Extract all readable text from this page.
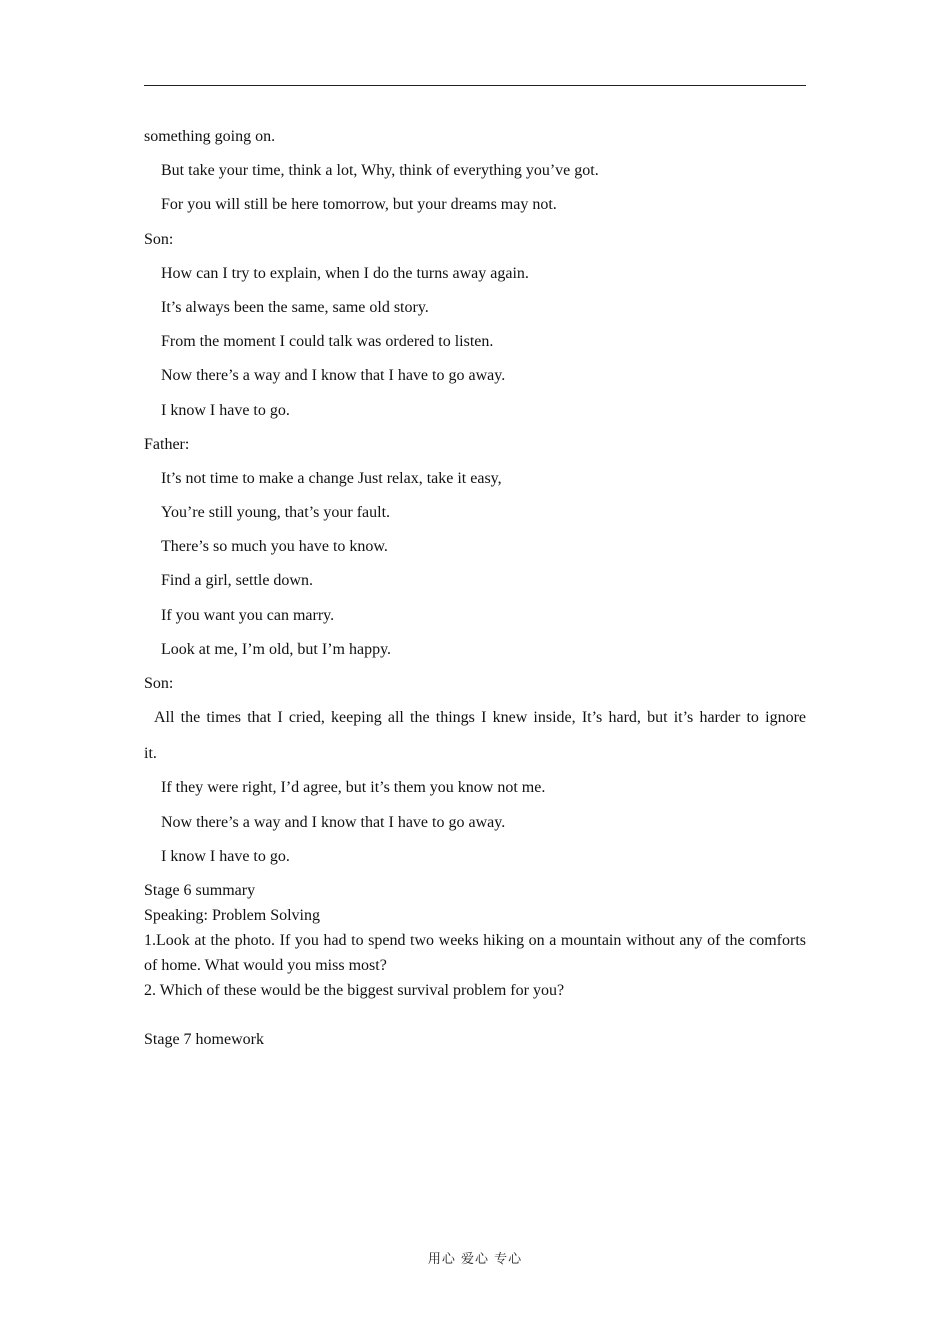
something going on.
But take your time, think a lot, Why, think of everything you’ve got.
For you will still be here tomorrow, but your dreams may not.
Son:
How can I try to explain, when I do the turns away again.
It’s always been the same, same old story.
From the moment I could talk was ordered to listen.
Now there’s a way and I know that I have to go away.
I know I have to go.
Father:
It’s not time to make a change Just relax, take it easy,
You’re still young, that’s your fault.
There’s so much you have to know.
Find a girl, settle down.
If you want you can marry.
Look at me, I’m old, but I’m happy.
Son:
All the times that I cried, keeping all the things I knew inside, It’s hard, but it’s harder to ignore
it.
If they were right, I’d agree, but it’s them you know not me.
Now there’s a way and I know that I have to go away.
I know I have to go.
Stage 6 summary
Speaking: Problem Solving
1.Look at the photo. If you had to spend two weeks hiking on a mountain without any of the comforts of home. What would you miss most?
2. Which of these would be the biggest survival problem for you?
Stage 7 homework
用心 爱心 专心
